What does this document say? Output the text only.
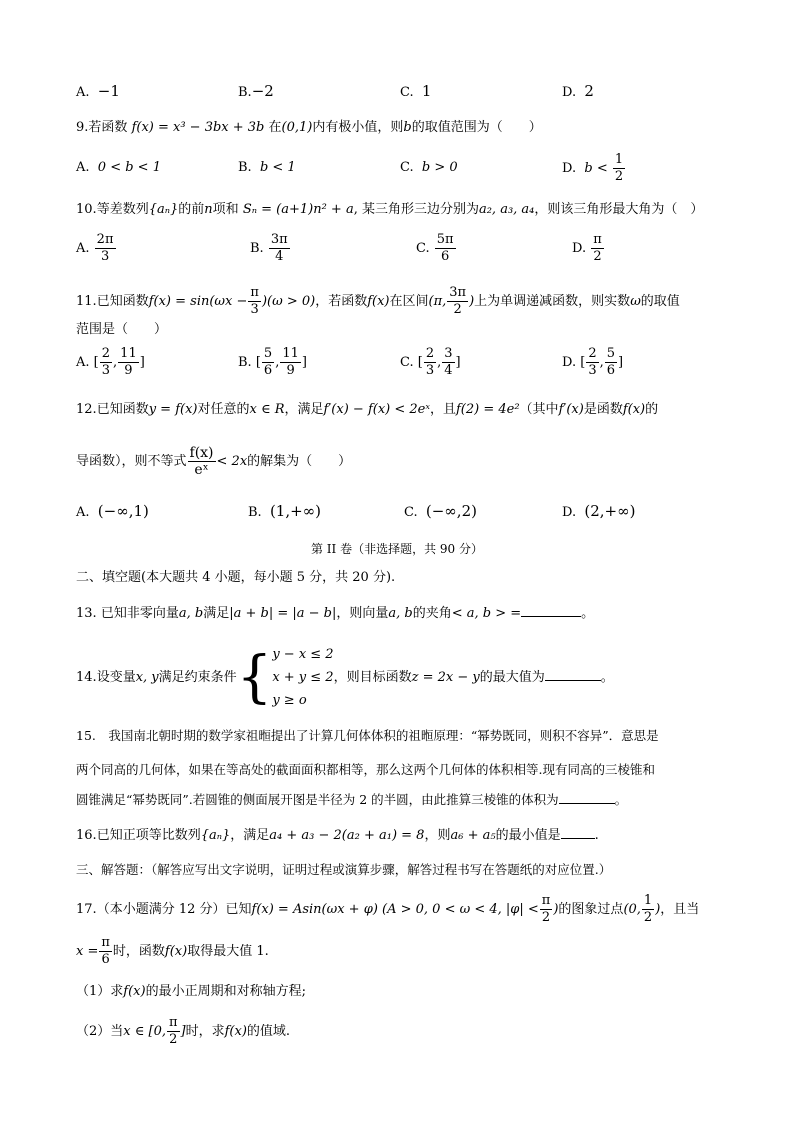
A. −1	B.−2	C. 1	D. 2
9.若函数 f(x) = x³ − 3bx + 3b 在(0,1)内有极小值，则b的取值范围为（　　）
A. 0 < b < 1	B. b < 1	C. b > 0	D. $b < \frac{1}{2}$
10.等差数列{aₙ}的前n项和 Sₙ = (a+1)n² + a, 某三角形三边分别为a₂, a₃, a₄，则该三角形最大角为（　）
A. $\frac{2\pi}{3}$	B. $\frac{3\pi}{4}$	C. $\frac{5\pi}{6}$	D. $\frac{\pi}{2}$
11.已知函数$f(x) = \sin(\omega x - \frac{\pi}{3} )(\omega > 0)$，若函数f(x)在区间(π, $\frac{3\pi}{2}$ )上为单调递减函数，则实数ω的取值
范围是（　　）
A. [ $\frac{2}{3}$ , $\frac{11}{9}$ ]	B. [ $\frac{5}{6}$ , $\frac{11}{9}$ ]	C. [ $\frac{2}{3}$ , $\frac{3}{4}$ ]	D. [ $\frac{2}{3}$ , $\frac{5}{6}$ ]
12.已知函数y = f(x)对任意的x ∈ R，满足f′(x) − f(x) < 2eˣ，且f(2) = 4e²（其中f′(x)是函数f(x)的
导函数），则不等式 $\frac{f(x)}{\text{eˣ}} < 2x$的解集为（　　）
A. (−∞,1)	B. (1,+∞)	C. (−∞,2)	D. (2,+∞)
第 II 卷（非选择题，共 90 分）
二、填空题(本大题共 4 小题，每小题 5 分，共 20 分).
13. 已知非零向量a, b满足|a + b| = |a − b|，则向量a, b的夹角< a, b > =	。
14.设变量x, y满足约束条件{ y − x ≤ 2
x + y ≤ 2
y ≥ o
，则目标函数z = 2x − y的最大值为	。
15.　我国南北朝时期的数学家祖暅提出了计算几何体体积的祖暅原理：“幂势既同，则积不容异”．意思是
两个同高的几何体，如果在等高处的截面面积都相等，那么这两个几何体的体积相等.现有同高的三棱锥和
圆锥满足“幂势既同”.若圆锥的侧面展开图是半径为 2 的半圆，由此推算三棱锥的体积为	。
16.已知正项等比数列{aₙ}，满足a₄ + a₃ − 2(a₂ + a₁) = 8，则a₆ + a₅的最小值是	.
三、解答题：（解答应写出文字说明，证明过程或演算步骤，解答过程书写在答题纸的对应位置.）
17.（本小题满分 12 分）已知f(x) = Asin(ωx + φ) (A > 0, 0 < ω < 4, $|\varphi| < \frac{\pi}{2}$ )的图象过点(0, $\frac{1}{2}$ )，且当
$x = \frac{\pi}{6}$ 时，函数f(x)取得最大值 1.
（1）求f(x)的最小正周期和对称轴方程;
（2）当x ∈ [0, $\frac{\pi}{2}$ ]时，求f(x)的值域.
